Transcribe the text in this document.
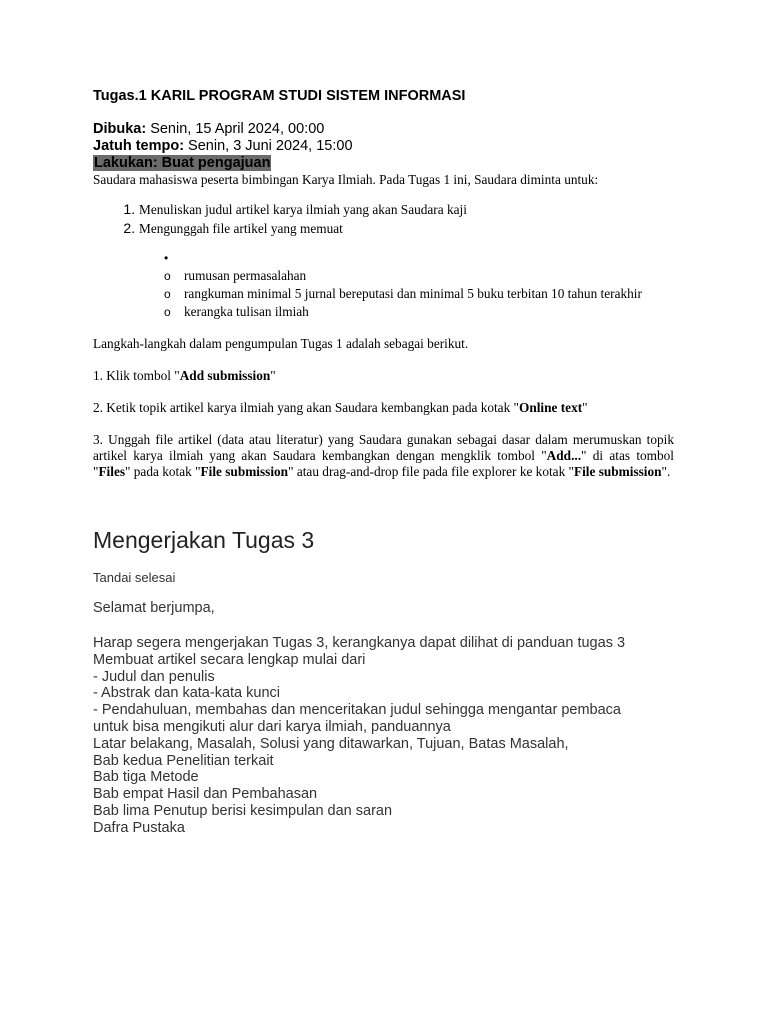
Tugas.1 KARIL PROGRAM STUDI SISTEM INFORMASI

Dibuka: Senin, 15 April 2024, 00:00

Jatuh tempo: Senin, 3 Juni 2024, 15:00

Lakukan: Buat pengajuan

Saudara mahasiswa peserta bimbingan Karya Ilmiah. Pada Tugas 1 ini, Saudara diminta untuk:

1. Menuliskan judul artikel karya ilmiah yang akan Saudara kaji
2. Mengunggah file artikel yang memuat
•
o rumusan permasalahan
o rangkuman minimal 5 jurnal bereputasi dan minimal 5 buku terbitan 10 tahun terakhir
o kerangka tulisan ilmiah

Langkah-langkah dalam pengumpulan Tugas 1 adalah sebagai berikut.

1. Klik tombol "Add submission"

2. Ketik topik artikel karya ilmiah yang akan Saudara kembangkan pada kotak "Online text"

3. Unggah file artikel (data atau literatur) yang Saudara gunakan sebagai dasar dalam merumuskan topik artikel karya ilmiah yang akan Saudara kembangkan dengan mengklik tombol "Add..." di atas tombol "Files" pada kotak "File submission" atau drag-and-drop file pada file explorer ke kotak "File submission".

Mengerjakan Tugas 3

Tandai selesai

Selamat berjumpa,

Harap segera mengerjakan Tugas 3, kerangkanya dapat dilihat di panduan tugas 3
Membuat artikel secara lengkap mulai dari
- Judul dan penulis
- Abstrak dan kata-kata kunci
- Pendahuluan, membahas dan menceritakan judul sehingga mengantar pembaca
untuk bisa mengikuti alur dari karya ilmiah, panduannya
Latar belakang, Masalah, Solusi yang ditawarkan, Tujuan, Batas Masalah,
Bab kedua Penelitian terkait
Bab tiga Metode
Bab empat Hasil dan Pembahasan
Bab lima Penutup berisi kesimpulan dan saran
Dafra Pustaka
